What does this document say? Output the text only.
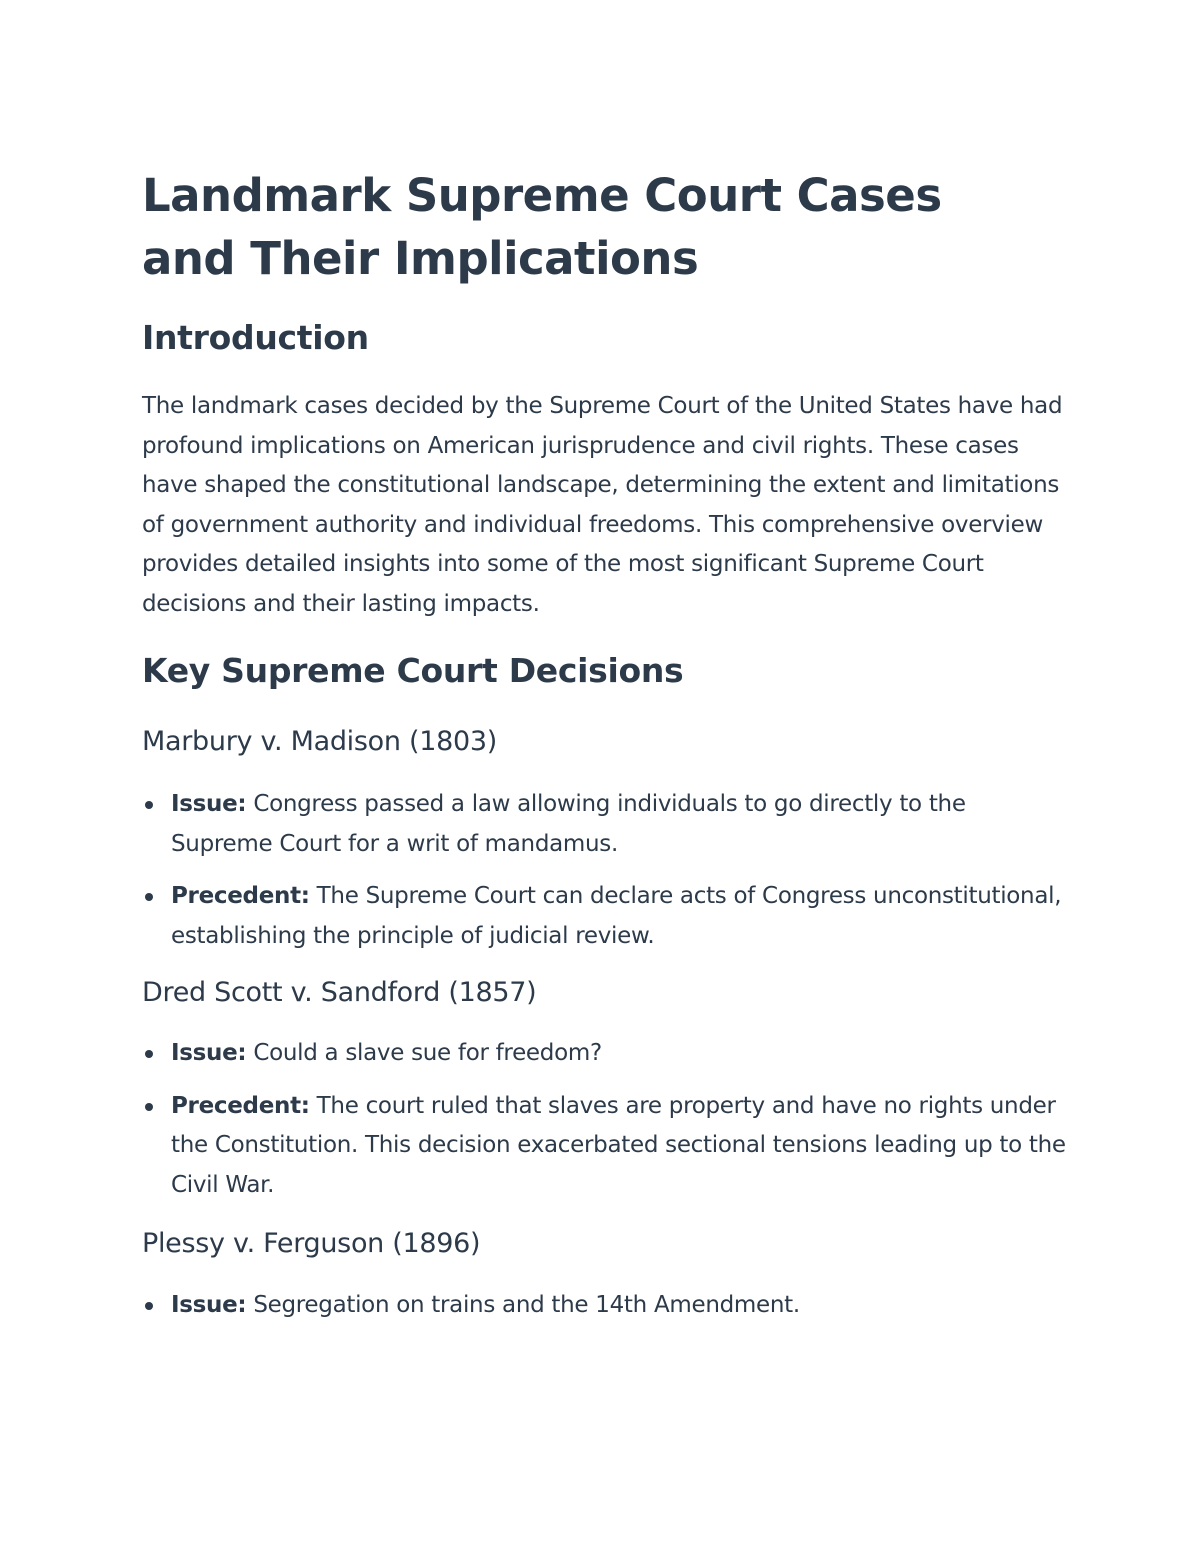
Landmark Supreme Court Cases and Their Implications
Introduction

The landmark cases decided by the Supreme Court of the United States have had profound implications on American jurisprudence and civil rights. These cases have shaped the constitutional landscape, determining the extent and limitations of government authority and individual freedoms. This comprehensive overview provides detailed insights into some of the most significant Supreme Court decisions and their lasting impacts.

Key Supreme Court Decisions
Marbury v. Madison (1803)
Issue: Congress passed a law allowing individuals to go directly to the Supreme Court for a writ of mandamus.
Precedent: The Supreme Court can declare acts of Congress unconstitutional, establishing the principle of judicial review.
Dred Scott v. Sandford (1857)
Issue: Could a slave sue for freedom?
Precedent: The court ruled that slaves are property and have no rights under the Constitution. This decision exacerbated sectional tensions leading up to the Civil War.
Plessy v. Ferguson (1896)
Issue: Segregation on trains and the 14th Amendment.
